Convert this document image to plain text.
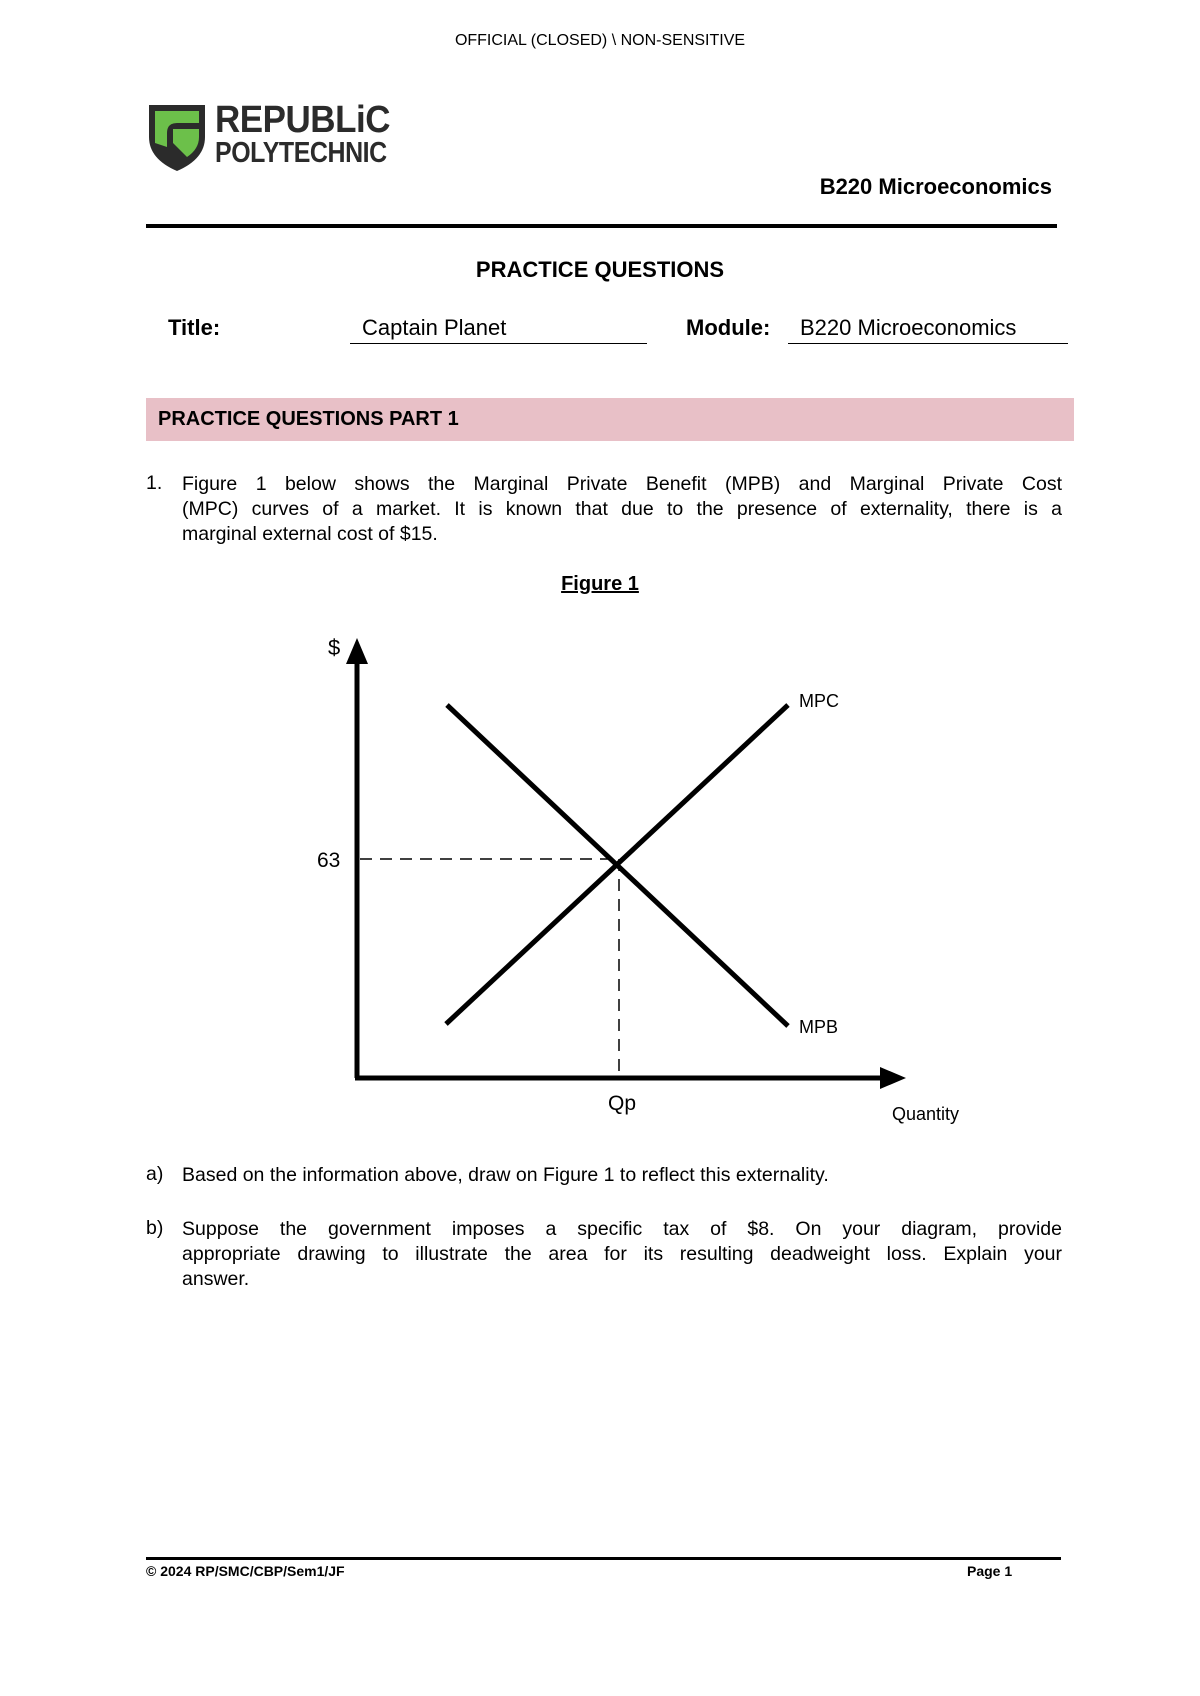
OFFICIAL (CLOSED) \ NON-SENSITIVE
REPUBLiC
POLYTECHNIC
B220 Microeconomics
PRACTICE QUESTIONS
Title:	Captain Planet	Module:	B220 Microeconomics
PRACTICE QUESTIONS PART 1
1. Figure 1 below shows the Marginal Private Benefit (MPB) and Marginal Private Cost
(MPC) curves of a market. It is known that due to the presence of externality, there is a
marginal external cost of $15.
Figure 1
$
63
Qp	Quantity
MPC
MPB
a) Based on the information above, draw on Figure 1 to reflect this externality.
b) Suppose the government imposes a specific tax of $8. On your diagram, provide
appropriate drawing to illustrate the area for its resulting deadweight loss. Explain your
answer.
© 2024 RP/SMC/CBP/Sem1/JF	Page 1
